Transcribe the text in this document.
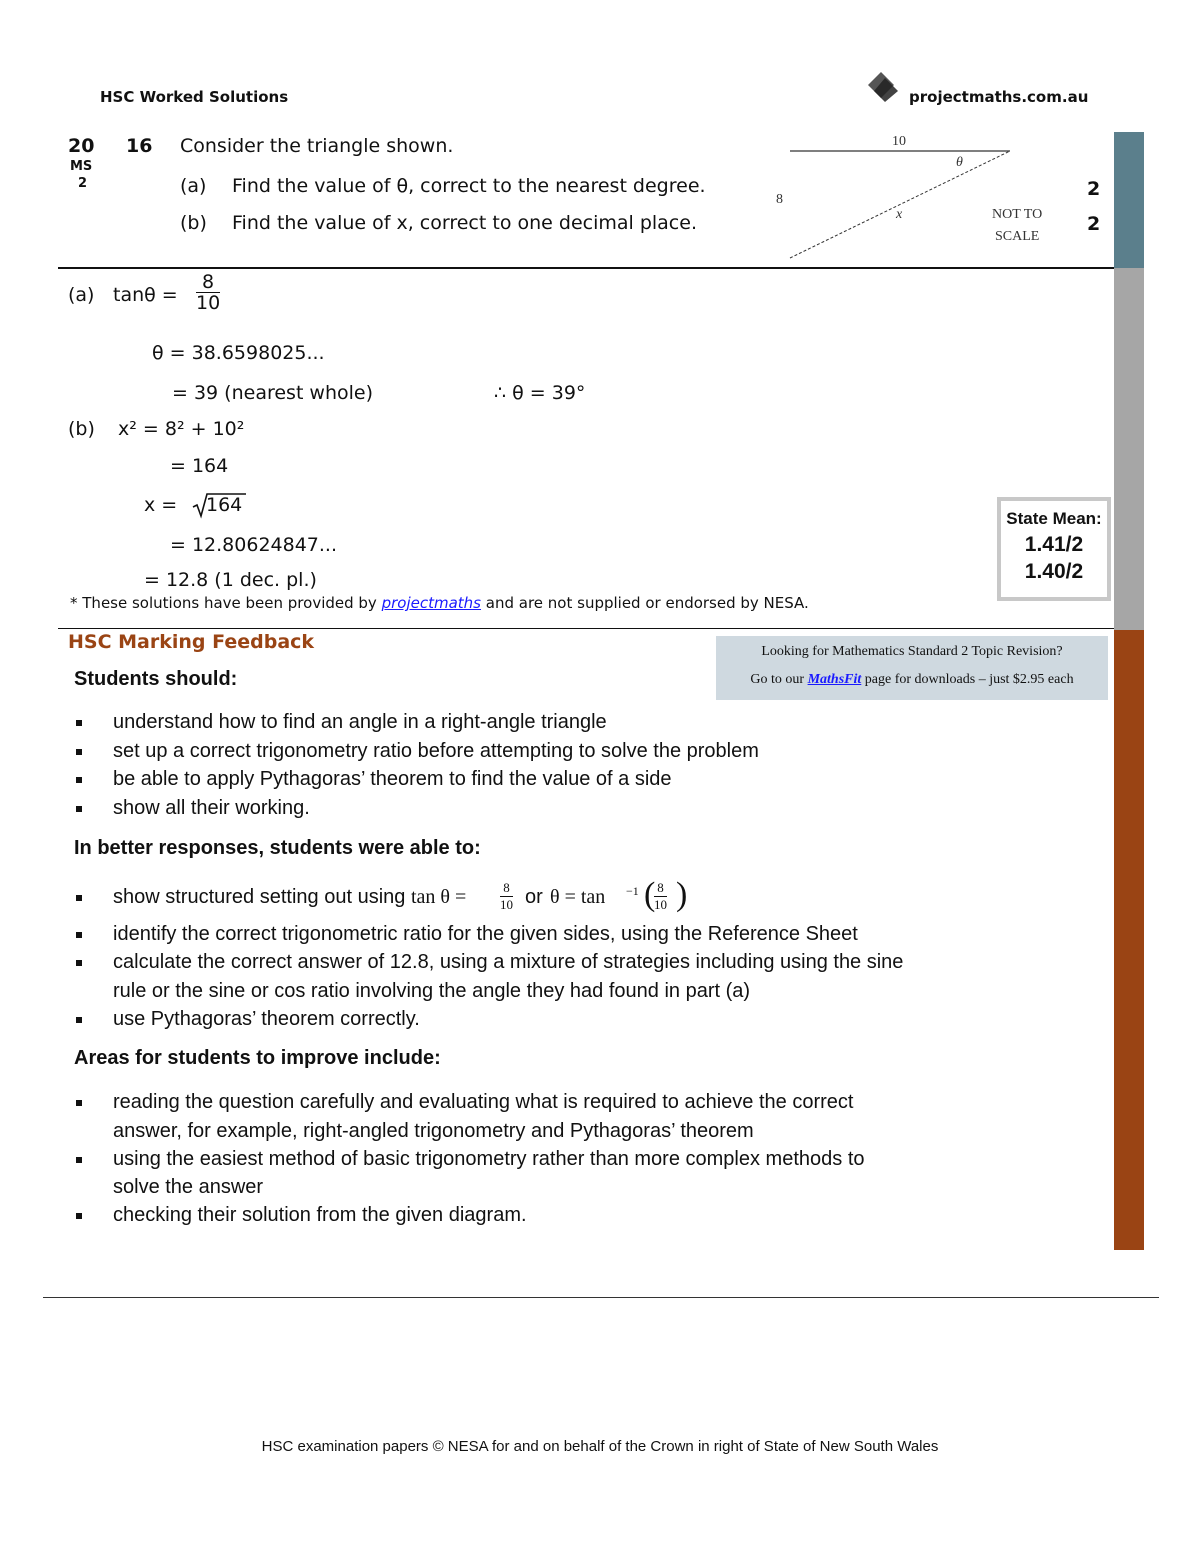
HSC Worked Solutions	projectmaths.com.au
20
MS
2
16 Consider the triangle shown.
(a) Find the value of θ, correct to the nearest degree.
(b) Find the value of x, correct to one decimal place.
2
2
10
8
θ
x	NOT TO
SCALE
(a) $\tan\theta = \frac{8}{10}$
θ = 38.6598025...
= 39 (nearest whole)	∴ θ = 39°
(b) x² = 8² + 10²
= 164
x = 164
= 12.80624847...
= 12.8 (1 dec. pl.)
* These solutions have been provided by projectmaths and are not supplied or endorsed by NESA.
State Mean:
1.41/2
1.40/2
HSC Marking Feedback	Looking for Mathematics Standard 2 Topic Revision?
Go to our MathsFit page for downloads – just $2.95 each
Students should:
understand how to find an angle in a right-angle triangle
set up a correct trigonometry ratio before attempting to solve the problem
be able to apply Pythagoras’ theorem to find the value of a side
show all their working.
In better responses, students were able to:
show structured setting out using tan θ =	$\frac{8}{10}$ or θ = tan −1 (
$\frac{8}{10}$ )
identify the correct trigonometric ratio for the given sides, using the Reference Sheet
calculate the correct answer of 12.8, using a mixture of strategies including using the sine
rule or the sine or cos ratio involving the angle they had found in part (a)
use Pythagoras’ theorem correctly.
Areas for students to improve include:
reading the question carefully and evaluating what is required to achieve the correct
answer, for example, right-angled trigonometry and Pythagoras’ theorem
using the easiest method of basic trigonometry rather than more complex methods to
solve the answer
checking their solution from the given diagram.
HSC examination papers © NESA for and on behalf of the Crown in right of State of New South Wales
